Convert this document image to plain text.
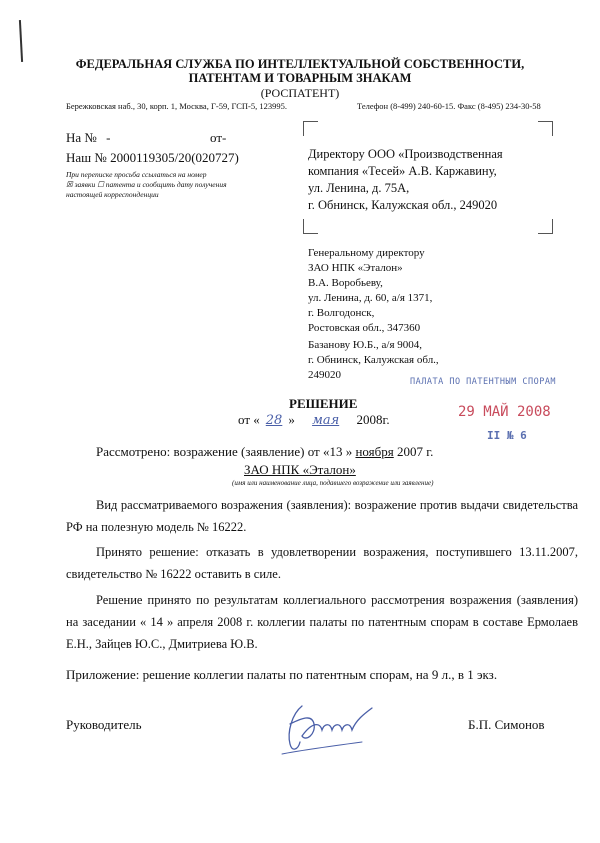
ФЕДЕРАЛЬНАЯ СЛУЖБА ПО ИНТЕЛЛЕКТУАЛЬНОЙ СОБСТВЕННОСТИ,
ПАТЕНТАМ И ТОВАРНЫМ ЗНАКАМ
(РОСПАТЕНТ)
Бережковская наб., 30, корп. 1, Москва, Г-59, ГСП-5, 123995.	Телефон (8-499) 240-60-15. Факс (8-495) 234-30-58
На № -	от-
Наш № 2000119305/20(020727)
При переписке просьба ссылаться на номер
☒ заявки ☐ патента и сообщить дату получения
настоящей корреспонденции
Директору ООО «Производственная
компания «Тесей» А.В. Каржавину,
ул. Ленина, д. 75А,
г. Обнинск, Калужская обл., 249020
Генеральному директору
ЗАО НПК «Эталон»
В.А. Воробьеву,
ул. Ленина, д. 60, а/я 1371,
г. Волгодонск,
Ростовская обл., 347360
Базанову Ю.Б., а/я 9004,
г. Обнинск, Калужская обл.,
249020
ПАЛАТА ПО ПАТЕНТНЫМ СПОРАМ
29 МАЙ 2008
II № 6
РЕШЕНИЕ
от « 28 » мая 2008г.
Рассмотрено: возражение (заявление) от «13 » ноября 2007 г.
ЗАО НПК «Эталон»
(имя или наименование лица, подавшего возражение или заявление)
Вид рассматриваемого возражения (заявления): возражение против выдачи свидетельства РФ на полезную модель № 16222.
Принято решение: отказать в удовлетворении возражения, поступившего 13.11.2007, свидетельство № 16222 оставить в силе.
Решение принято по результатам коллегиального рассмотрения возражения (заявления) на заседании « 14 » апреля 2008 г. коллегии палаты по патентным спорам в составе Ермолаев Е.Н., Зайцев Ю.С., Дмитриева Ю.В.
Приложение: решение коллегии палаты по патентным спорам, на 9 л., в 1 экз.
Руководитель	Б.П. Симонов
